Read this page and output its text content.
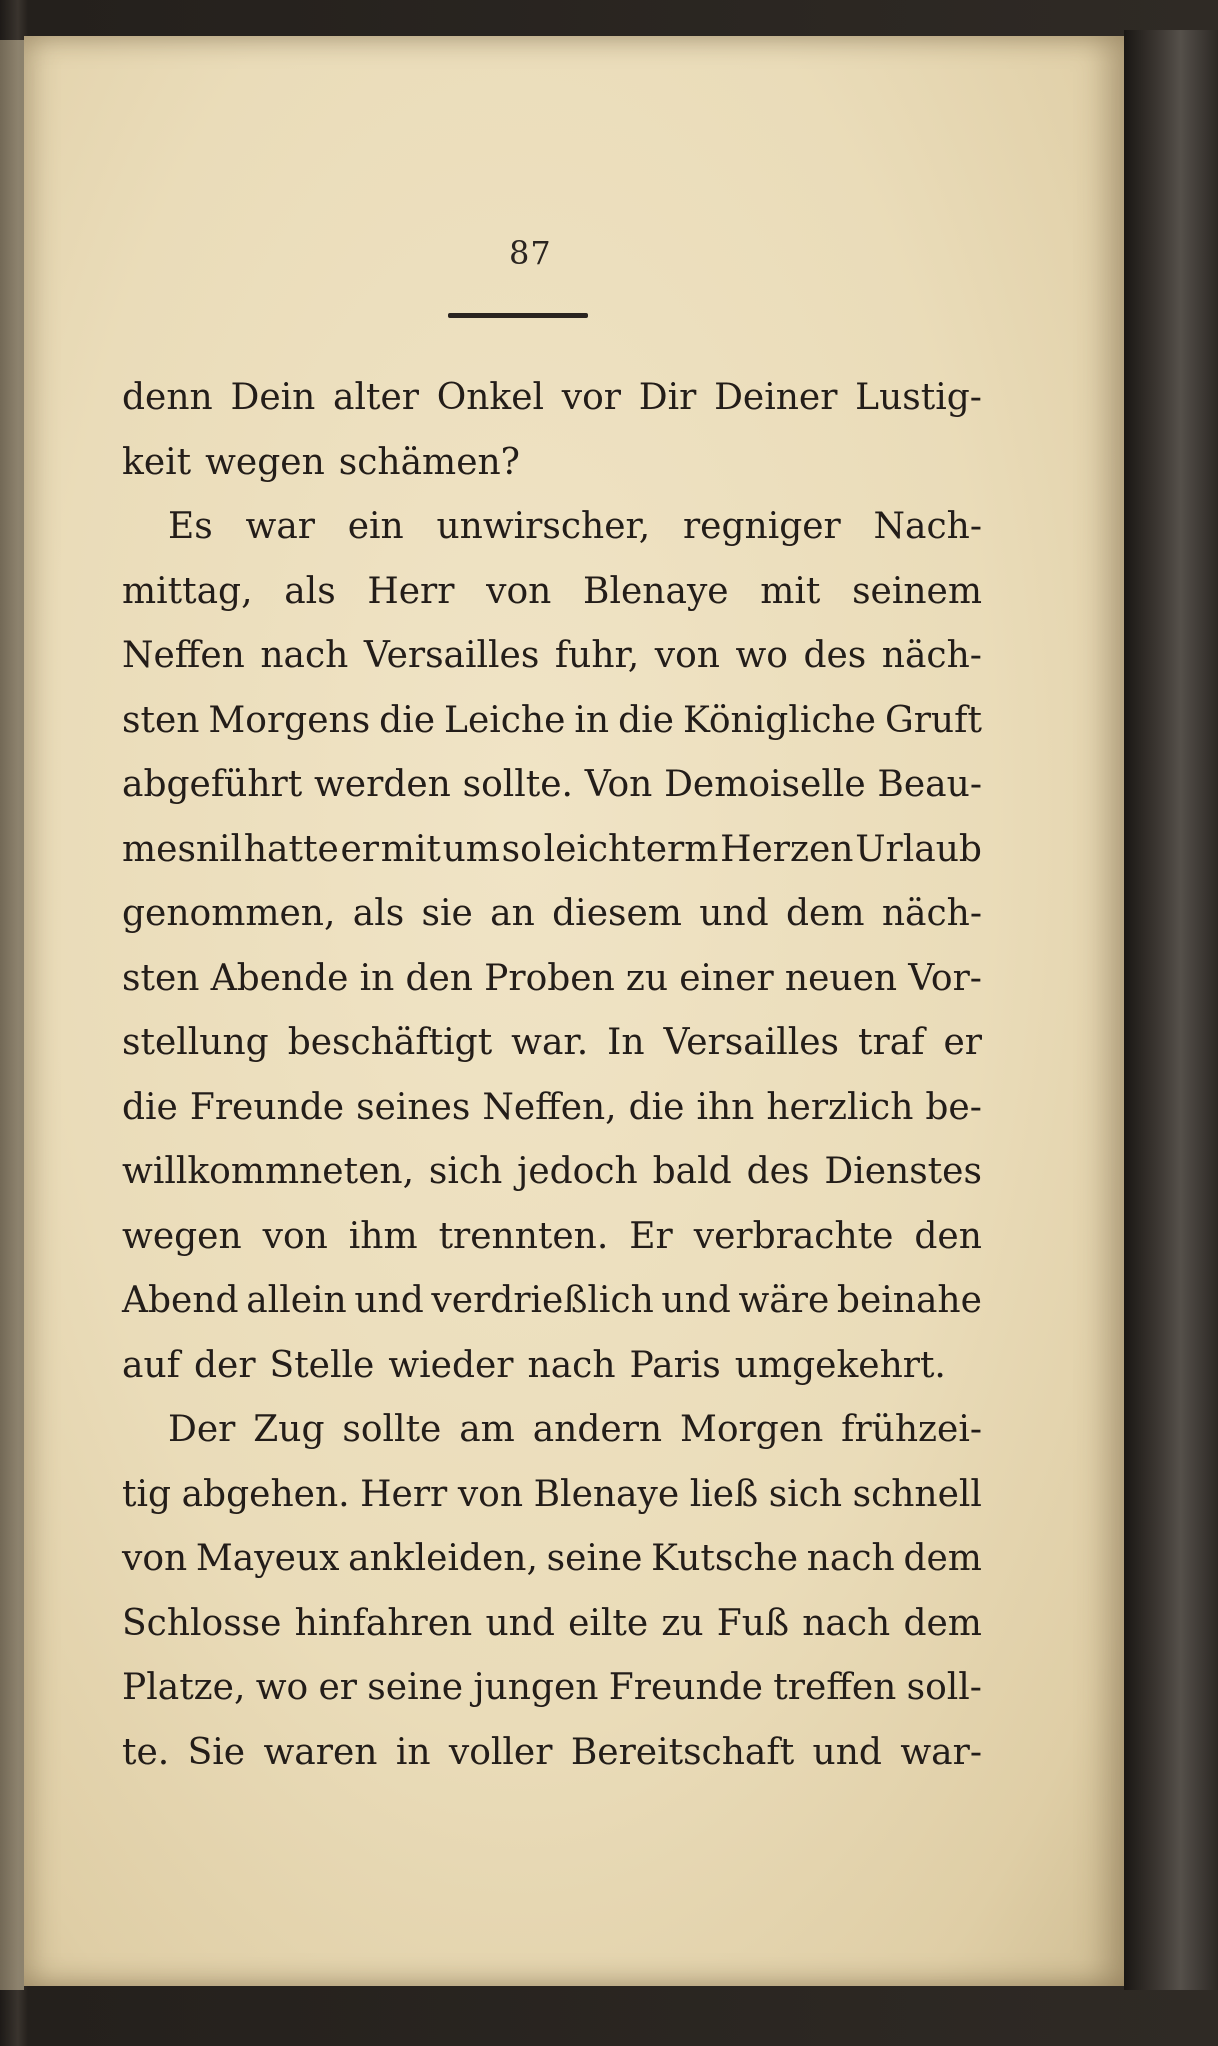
87
denn Dein alter Onkel vor Dir Deiner Lustig-
keit wegen schämen?
Es war ein unwirscher, regniger Nach-
mittag, als Herr von Blenaye mit seinem
Neffen nach Versailles fuhr, von wo des näch-
sten Morgens die Leiche in die Königliche Gruft
abgeführt werden sollte. Von Demoiselle Beau-
mesnil hatte er mit um so leichterm Herzen Urlaub
genommen, als sie an diesem und dem näch-
sten Abende in den Proben zu einer neuen Vor-
stellung beschäftigt war. In Versailles traf er
die Freunde seines Neffen, die ihn herzlich be-
willkommneten, sich jedoch bald des Dienstes
wegen von ihm trennten. Er verbrachte den
Abend allein und verdrießlich und wäre beinahe
auf der Stelle wieder nach Paris umgekehrt.
Der Zug sollte am andern Morgen frühzei-
tig abgehen. Herr von Blenaye ließ sich schnell
von Mayeux ankleiden, seine Kutsche nach dem
Schlosse hinfahren und eilte zu Fuß nach dem
Platze, wo er seine jungen Freunde treffen soll-
te. Sie waren in voller Bereitschaft und war-
